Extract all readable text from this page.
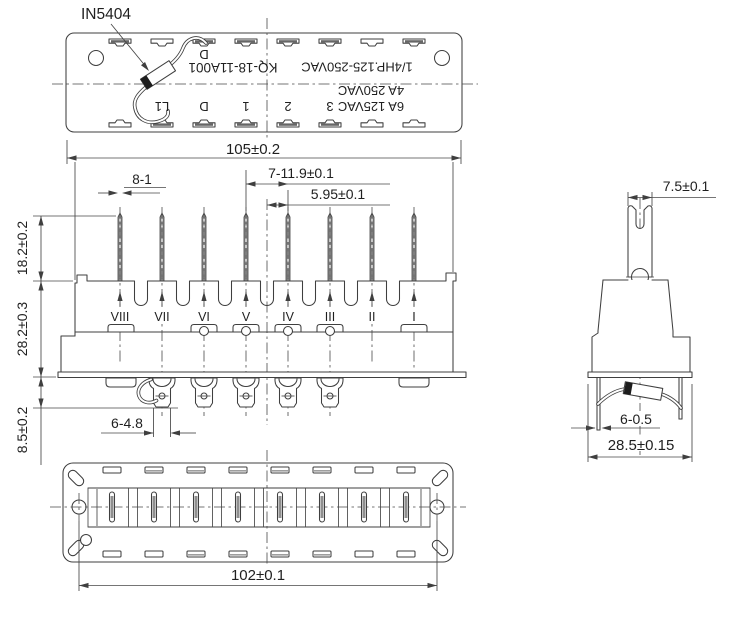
IN5404
D
KQ-18-11A001 1/4HP.125-250VAC
4A 250VAC
6A 125VAC
L1 D	1	2	3
105±0.2
VIII VII VI	V	IV III	II	I
8-1	7-11.9±0.1
5.95±0.1
18.2±0.2
28.2±0.3
8.5±0.2	6-4.8
7.5±0.1
6-0.5
28.5±0.15
102±0.1
